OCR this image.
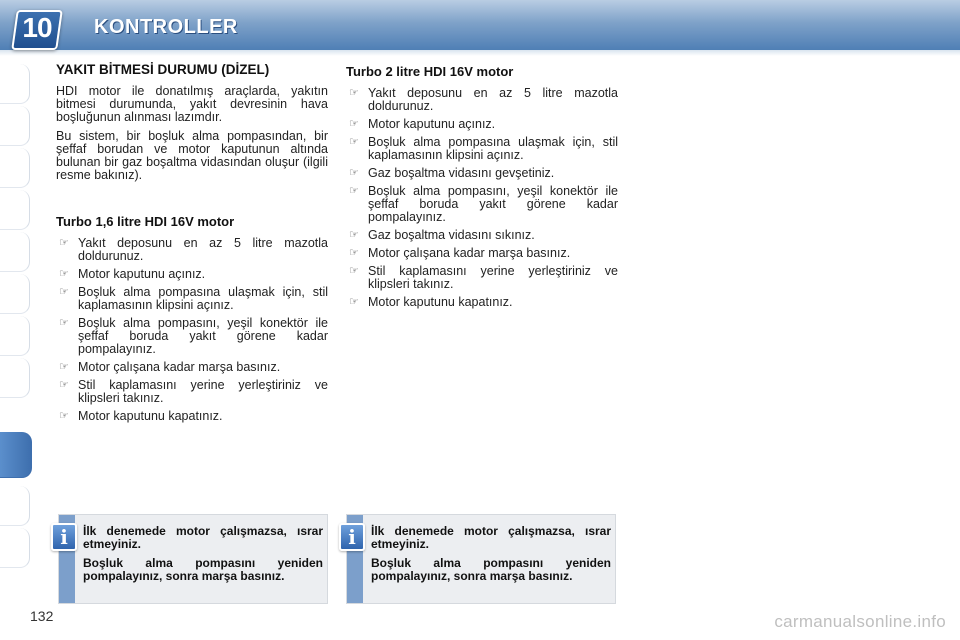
10	KONTROLLER
YAKIT BİTMESİ DURUMU (DİZEL)

HDI motor ile donatılmış araçlarda, yakıtın bitmesi durumunda, yakıt devresinin hava boşluğunun alınması lazımdır.

Bu sistem, bir boşluk alma pompasından, bir şeffaf borudan ve motor kaputunun altında bulunan bir gaz boşaltma vidasından oluşur (ilgili resme bakınız).

Turbo 1,6 litre HDI 16V motor
☞ Yakıt deposunu en az 5 litre mazotla doldurunuz.
☞ Motor kaputunu açınız.
☞ Boşluk alma pompasına ulaşmak için, stil kaplamasının klipsini açınız.
☞ Boşluk alma pompasını, yeşil konektör ile şeffaf boruda yakıt görene kadar pompalayınız.
☞ Motor çalışana kadar marşa basınız.
☞ Stil kaplamasını yerine yerleştiriniz ve klipsleri takınız.
☞ Motor kaputunu kapatınız.
Turbo 2 litre HDI 16V motor
☞ Yakıt deposunu en az 5 litre mazotla doldurunuz.
☞ Motor kaputunu açınız.
☞ Boşluk alma pompasına ulaşmak için, stil kaplamasının klipsini açınız.
☞ Gaz boşaltma vidasını gevşetiniz.
☞ Boşluk alma pompasını, yeşil konektör ile şeffaf boruda yakıt görene kadar pompalayınız.
☞ Gaz boşaltma vidasını sıkınız.
☞ Motor çalışana kadar marşa basınız.
☞ Stil kaplamasını yerine yerleştiriniz ve klipsleri takınız.
☞ Motor kaputunu kapatınız.
i	İlk denemede motor çalışmazsa, ısrar etmeyiniz.

Boşluk alma pompasını yeniden pompalayınız, sonra marşa basınız.

i	İlk denemede motor çalışmazsa, ısrar etmeyiniz.

Boşluk alma pompasını yeniden pompalayınız, sonra marşa basınız.

132	carmanualsonline.info
